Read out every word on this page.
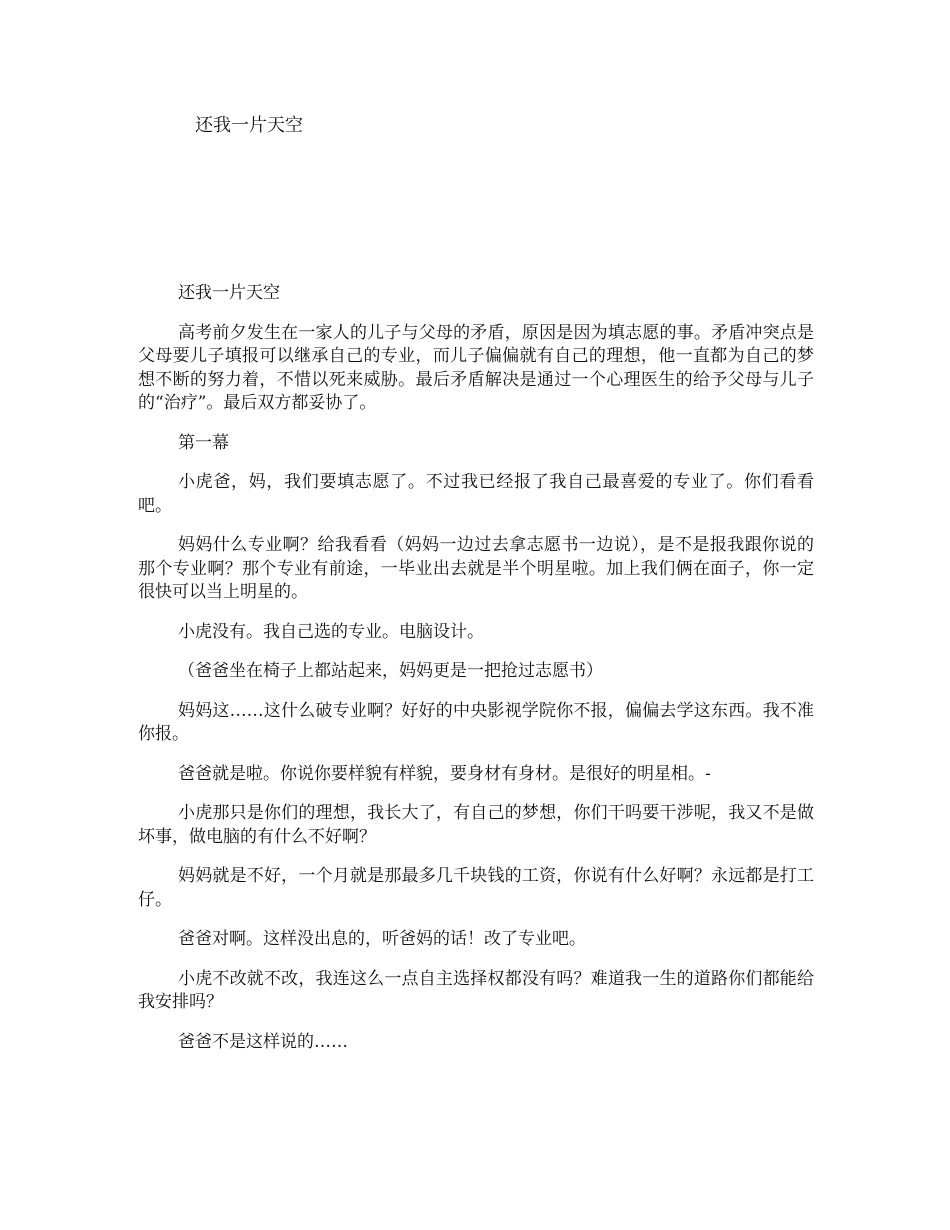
还我一片天空

还我一片天空

高考前夕发生在一家人的儿子与父母的矛盾，原因是因为填志愿的事。矛盾冲突点是父母要儿子填报可以继承自己的专业，而儿子偏偏就有自己的理想，他一直都为自己的梦想不断的努力着，不惜以死来威胁。最后矛盾解决是通过一个心理医生的给予父母与儿子的“治疗”。最后双方都妥协了。

第一幕

小虎爸，妈，我们要填志愿了。不过我已经报了我自己最喜爱的专业了。你们看看吧。

妈妈什么专业啊？给我看看（妈妈一边过去拿志愿书一边说），是不是报我跟你说的那个专业啊？那个专业有前途，一毕业出去就是半个明星啦。加上我们俩在面子，你一定很快可以当上明星的。

小虎没有。我自己选的专业。电脑设计。

（爸爸坐在椅子上都站起来，妈妈更是一把抢过志愿书）

妈妈这……这什么破专业啊？好好的中央影视学院你不报，偏偏去学这东西。我不准你报。

爸爸就是啦。你说你要样貌有样貌，要身材有身材。是很好的明星相。-

小虎那只是你们的理想，我长大了，有自己的梦想，你们干吗要干涉呢，我又不是做坏事，做电脑的有什么不好啊？

妈妈就是不好，一个月就是那最多几千块钱的工资，你说有什么好啊？永远都是打工仔。

爸爸对啊。这样没出息的，听爸妈的话！改了专业吧。

小虎不改就不改，我连这么一点自主选择权都没有吗？难道我一生的道路你们都能给我安排吗？

爸爸不是这样说的……
